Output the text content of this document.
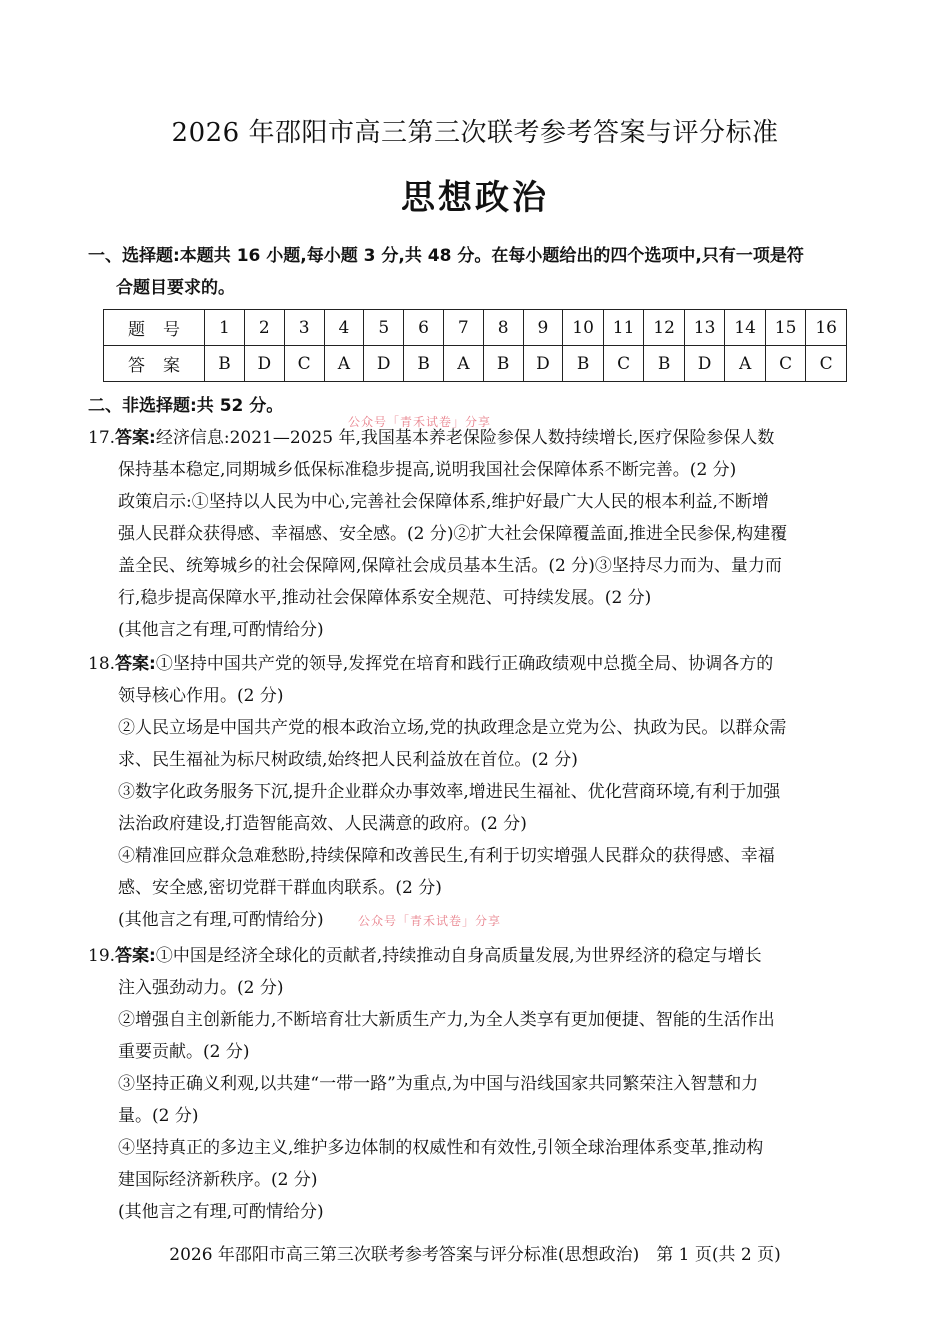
2026 年邵阳市高三第三次联考参考答案与评分标准
思想政治
一、选择题:本题共 16 小题,每小题 3 分,共 48 分。在每小题给出的四个选项中,只有一项是符
合题目要求的。
题号	1	2	3	4	5	6	7	8	9	10	11	12	13	14	15	16
答案	B	D	C	A	D	B	A	B	D	B	C	B	D	A	C	C
二、非选择题:共 52 分。
公众号「青禾试卷」分享
17.答案:经济信息:2021—2025 年,我国基本养老保险参保人数持续增长,医疗保险参保人数
保持基本稳定,同期城乡低保标准稳步提高,说明我国社会保障体系不断完善。(2 分)
政策启示:①坚持以人民为中心,完善社会保障体系,维护好最广大人民的根本利益,不断增
强人民群众获得感、幸福感、安全感。(2 分)②扩大社会保障覆盖面,推进全民参保,构建覆
盖全民、统筹城乡的社会保障网,保障社会成员基本生活。(2 分)③坚持尽力而为、量力而
行,稳步提高保障水平,推动社会保障体系安全规范、可持续发展。(2 分)
(其他言之有理,可酌情给分)
18.答案:①坚持中国共产党的领导,发挥党在培育和践行正确政绩观中总揽全局、协调各方的
领导核心作用。(2 分)
②人民立场是中国共产党的根本政治立场,党的执政理念是立党为公、执政为民。以群众需
求、民生福祉为标尺树政绩,始终把人民利益放在首位。(2 分)
③数字化政务服务下沉,提升企业群众办事效率,增进民生福祉、优化营商环境,有利于加强
法治政府建设,打造智能高效、人民满意的政府。(2 分)
④精准回应群众急难愁盼,持续保障和改善民生,有利于切实增强人民群众的获得感、幸福
感、安全感,密切党群干群血肉联系。(2 分)
(其他言之有理,可酌情给分)	公众号「青禾试卷」分享
19.答案:①中国是经济全球化的贡献者,持续推动自身高质量发展,为世界经济的稳定与增长
注入强劲动力。(2 分)
②增强自主创新能力,不断培育壮大新质生产力,为全人类享有更加便捷、智能的生活作出
重要贡献。(2 分)
③坚持正确义利观,以共建“一带一路”为重点,为中国与沿线国家共同繁荣注入智慧和力
量。(2 分)
④坚持真正的多边主义,维护多边体制的权威性和有效性,引领全球治理体系变革,推动构
建国际经济新秩序。(2 分)
(其他言之有理,可酌情给分)
2026 年邵阳市高三第三次联考参考答案与评分标准(思想政治)　第 1 页(共 2 页)
